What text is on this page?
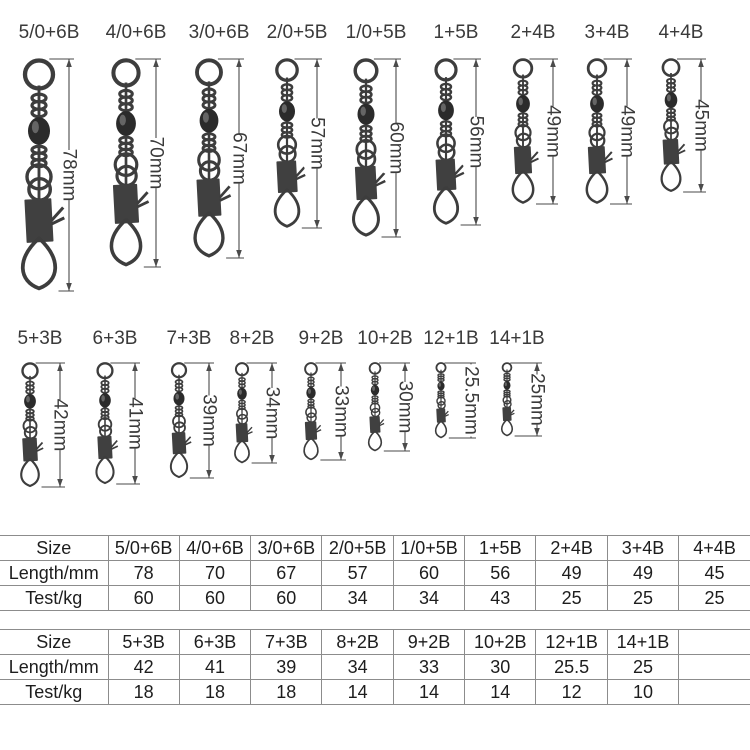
5/0+6B
78mm
4/0+6B
70mm
3/0+6B
67mm
2/0+5B
57mm
1/0+5B
60mm
1+5B
56mm
2+4B
49mm
3+4B
49mm
4+4B
45mm
5+3B
42mm
6+3B
41mm
7+3B
39mm
8+2B
34mm
9+2B
33mm
10+2B
30mm
12+1B
25.5mm
14+1B
25mm
Size	5/0+6B	4/0+6B	3/0+6B	2/0+5B	1/0+5B	1+5B	2+4B	3+4B	4+4B
Length/mm	78	70	67	57	60	56	49	49	45
Test/kg	60	60	60	34	34	43	25	25	25
Size	5+3B	6+3B	7+3B	8+2B	9+2B	10+2B	12+1B	14+1B	
Length/mm	42	41	39	34	33	30	25.5	25	
Test/kg	18	18	18	14	14	14	12	10	
